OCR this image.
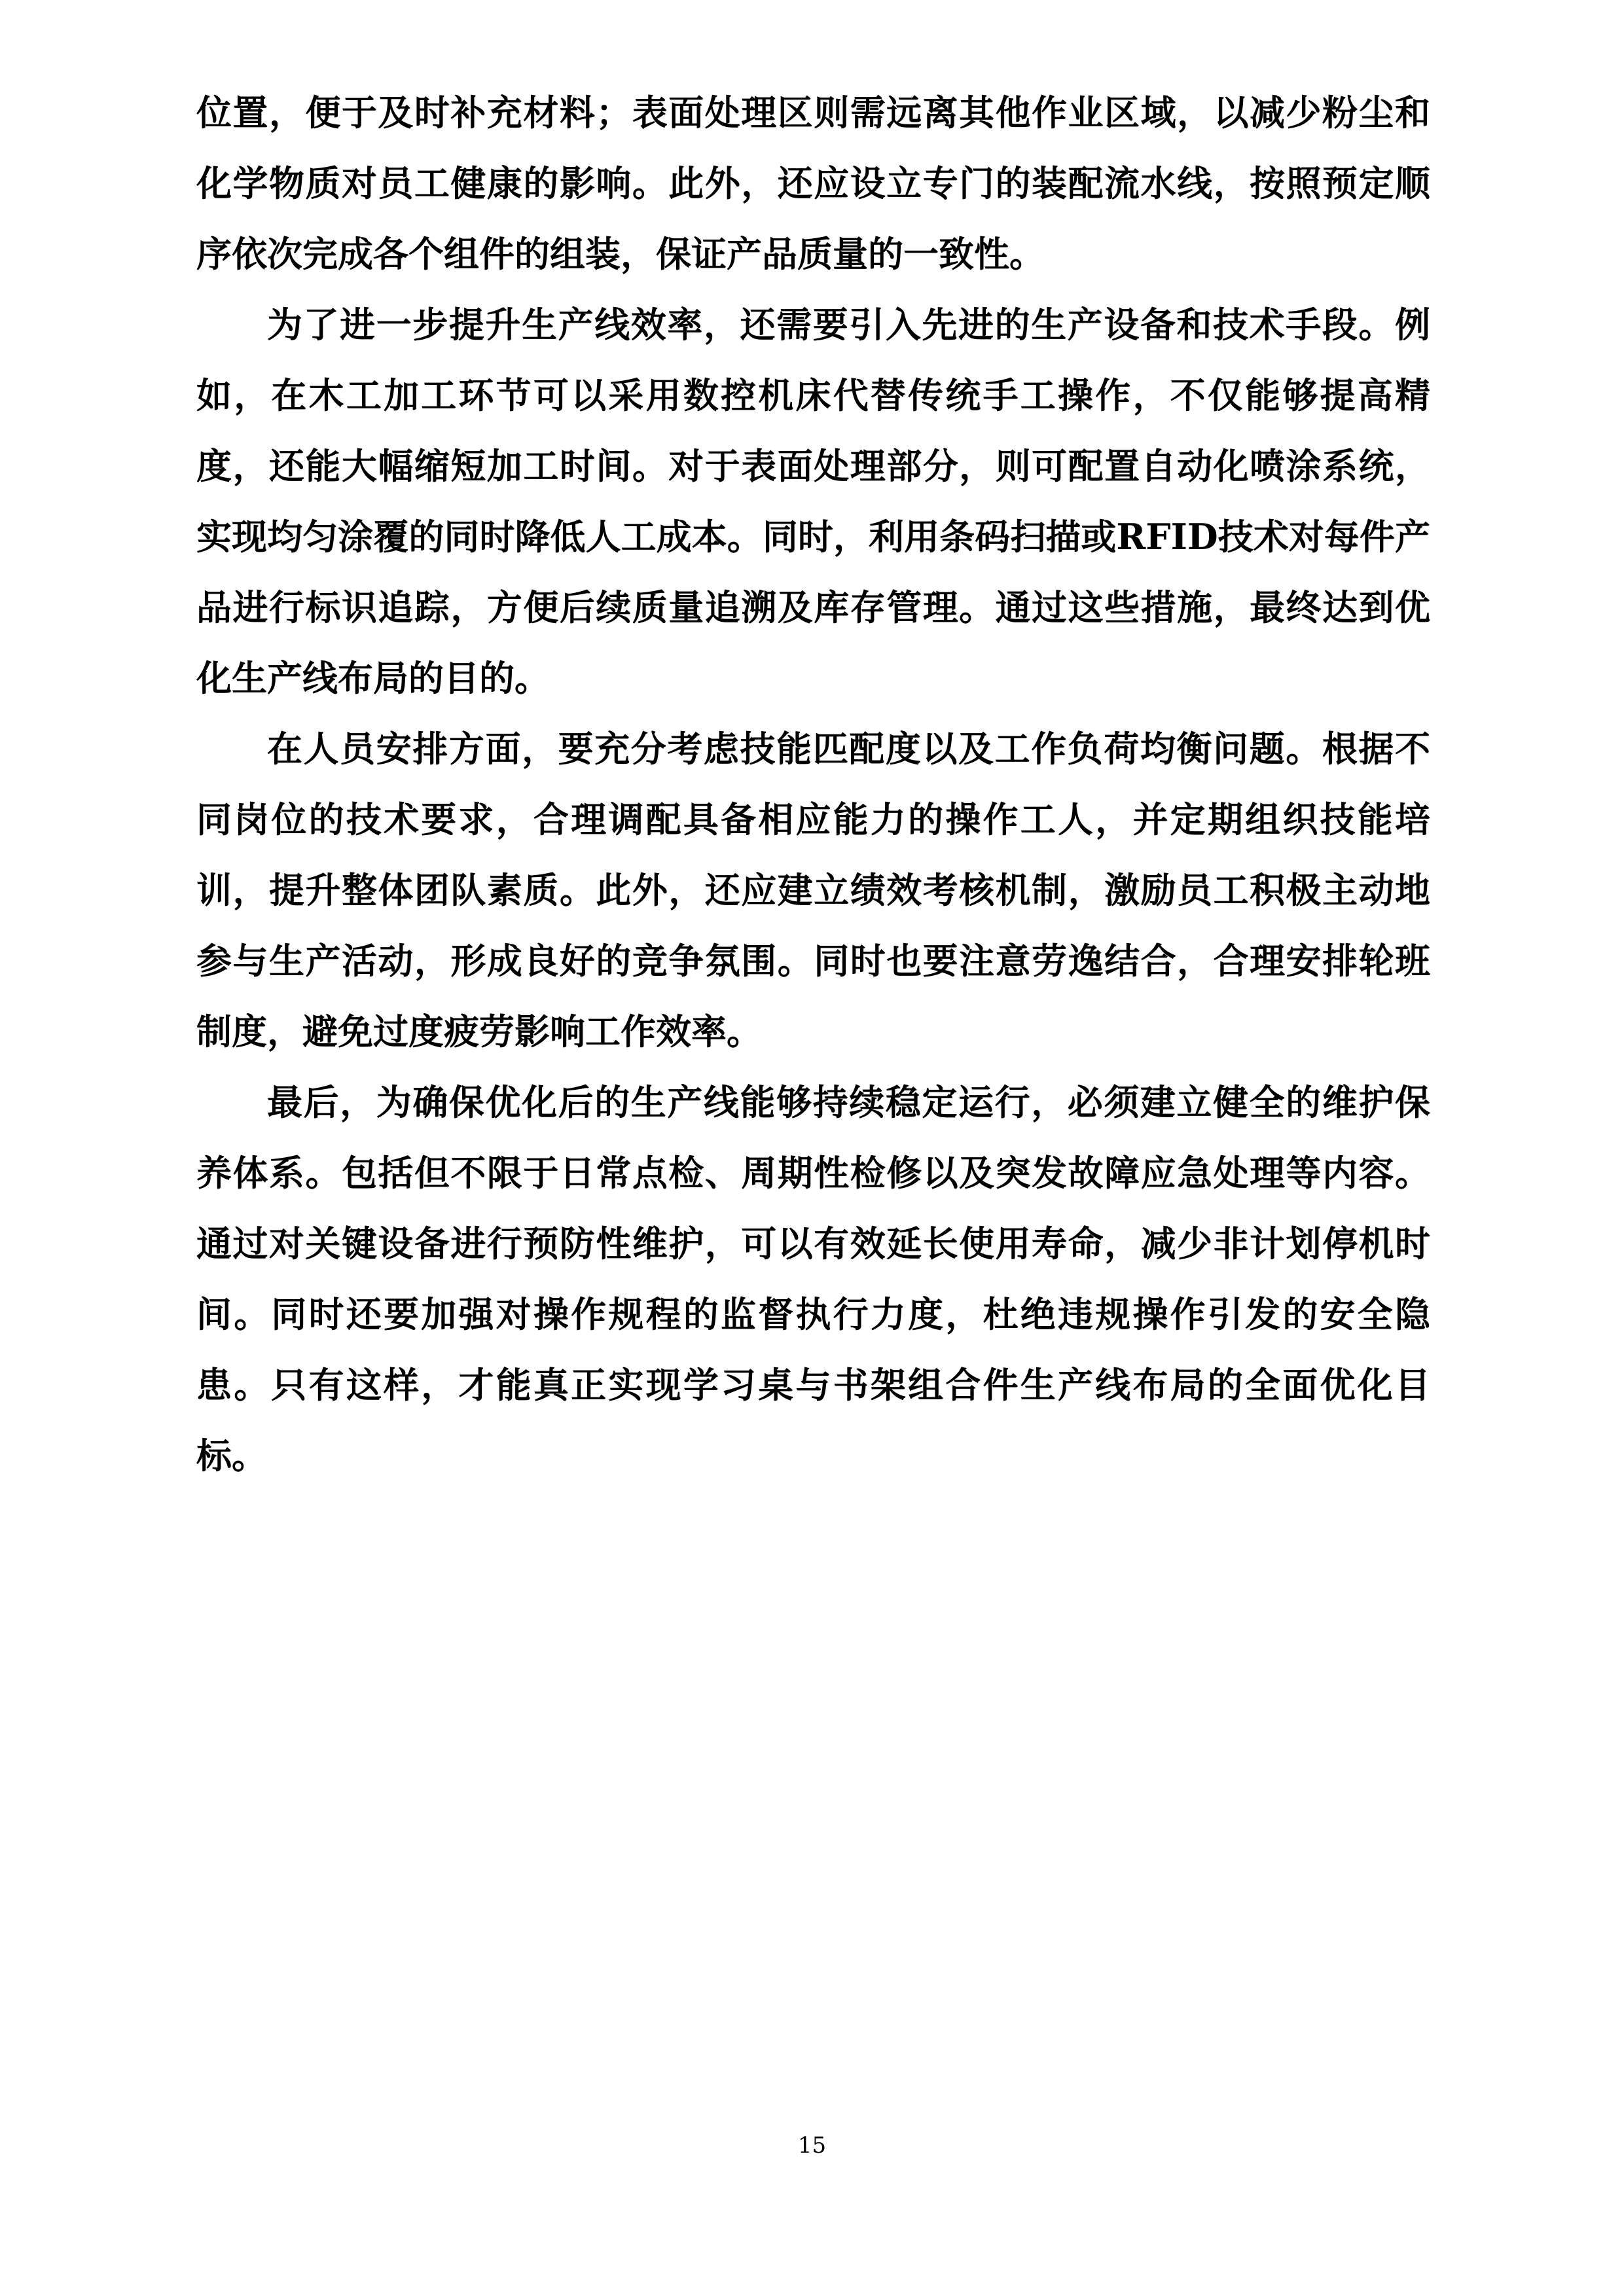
位置，便于及时补充材料；表面处理区则需远离其他作业区域，以减少粉尘和化学物质对员工健康的影响。此外，还应设立专门的装配流水线，按照预定顺序依次完成各个组件的组装，保证产品质量的一致性。

为了进一步提升生产线效率，还需要引入先进的生产设备和技术手段。例如，在木工加工环节可以采用数控机床代替传统手工操作，不仅能够提高精度，还能大幅缩短加工时间。对于表面处理部分，则可配置自动化喷涂系统，实现均匀涂覆的同时降低人工成本。同时，利用条码扫描或RFID技术对每件产品进行标识追踪，方便后续质量追溯及库存管理。通过这些措施，最终达到优化生产线布局的目的。

在人员安排方面，要充分考虑技能匹配度以及工作负荷均衡问题。根据不同岗位的技术要求，合理调配具备相应能力的操作工人，并定期组织技能培训，提升整体团队素质。此外，还应建立绩效考核机制，激励员工积极主动地参与生产活动，形成良好的竞争氛围。同时也要注意劳逸结合，合理安排轮班制度，避免过度疲劳影响工作效率。

最后，为确保优化后的生产线能够持续稳定运行，必须建立健全的维护保养体系。包括但不限于日常点检、周期性检修以及突发故障应急处理等内容。通过对关键设备进行预防性维护，可以有效延长使用寿命，减少非计划停机时间。同时还要加强对操作规程的监督执行力度，杜绝违规操作引发的安全隐患。只有这样，才能真正实现学习桌与书架组合件生产线布局的全面优化目标。

15
